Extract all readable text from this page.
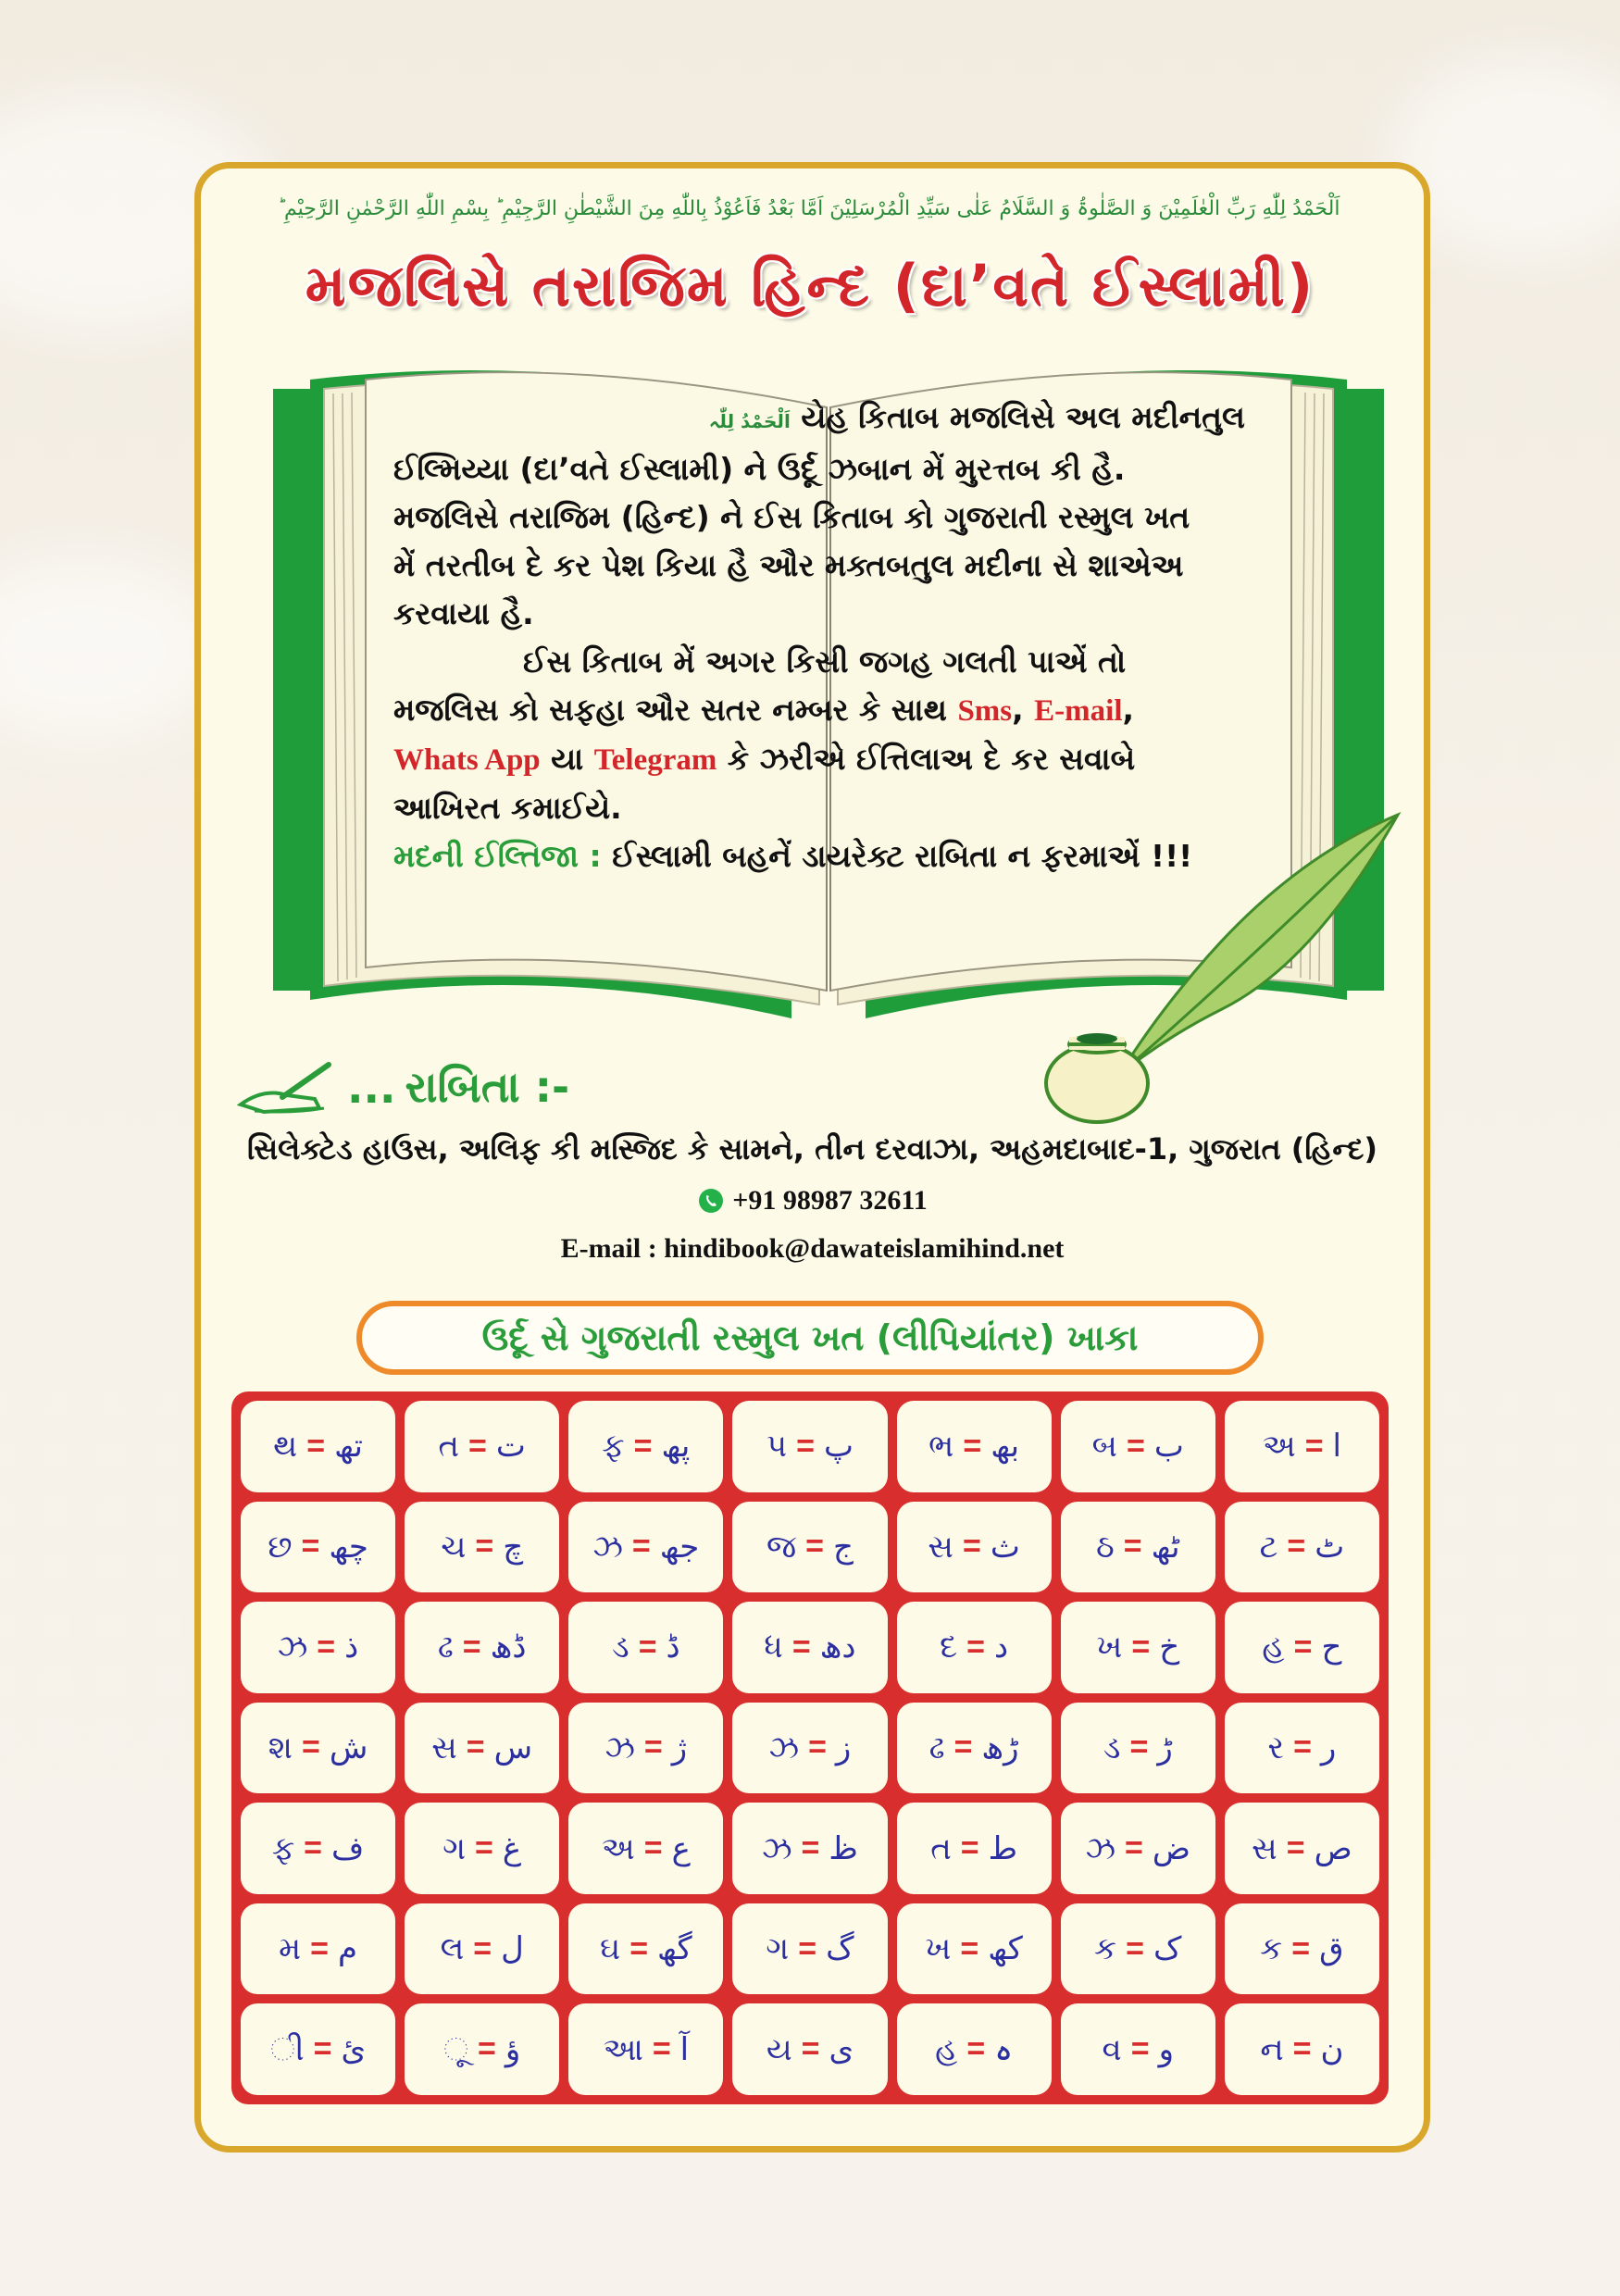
اَلْحَمْدُ لِلّٰهِ رَبِّ الْعٰلَمِیْنَ وَ الصَّلٰوۃُ وَ السَّلَامُ عَلٰی سَیِّدِ الْمُرْسَلِیْنَ اَمَّا بَعْدُ فَاَعُوْذُ بِاللّٰهِ مِنَ الشَّیْطٰنِ الرَّجِیْمِ ؕ بِسْمِ اللّٰهِ الرَّحْمٰنِ الرَّحِیْمِ ؕ
મજલિસે તરાજિમ હિન્દ (દા’વતે ઈસ્લામી)

اَلْحَمْدُ لِلّٰہ યેહ કિતાબ મજલિસે અલ મદીનતુલ

ઈલ્મિય્યા (દા’વતે ઈસ્લામી) ને ઉર્દૂ ઝબાન મેં મુરત્તબ કી હૈ.

મજલિસે તરાજિમ (હિન્દ) ને ઈસ કિતાબ કો ગુજરાતી રસ્મુલ ખત

મેં તરતીબ દે કર પેશ કિયા હૈ ઔર મક્તબતુલ મદીના સે શાએઅ

કરવાયા હૈ.

ઈસ કિતાબ મેં અગર કિસી જગહ ગલતી પાએં તો

મજલિસ કો સફહા ઔર સતર નમ્બર કે સાથ Sms, E-mail,

Whats App યા Telegram કે ઝરીએ ઈત્તિલાઅ દે કર સવાબે

આખિરત કમાઈયે.

મદની ઈલ્તિજા : ઈસ્લામી બહનેં ડાયરેક્ટ રાબિતા ન ફરમાએં !!!

... રાબિતા :-
સિલેક્ટેડ હાઉસ, અલિફ કી મસ્જિદ કે સામને, તીન દરવાઝા, અહમદાબાદ-1, ગુજરાત (હિન્દ)
+91 98987 32611
E-mail : hindibook@dawateislamihind.net
ઉર્દૂ સે ગુજરાતી રસ્મુલ ખત (લીપિયાંતર) ખાકા
થ = تھ ત = ت ફ = پھ પ = پ ભ = بھ બ = ب અ = ا
છ = چھ ચ = چ ઝ = جھ જ = ج સ = ث ઠ = ٹھ	ટ = ٹ
ઝ = ذ	ઢ = ڈھ	ડ = ڈ	ધ = دھ	દ = د	ખ = خ	હ = ح
શ = ش સ = س ઝ = ژ	ઝ = ز ઢ = ڑھ	ડ = ڑ	ર = ر
ફ = ف ગ = غ	અ = ع ઝ = ظ ત = ط ઝ = ض સ = ص
મ = م	લ = ل ઘ = گھ ગ = گ ખ = کھ ક = ک ક = ق
ી = ئ ૂ = ؤ	આ = آ ય = ی	હ = ہ	વ = و	ન = ن
